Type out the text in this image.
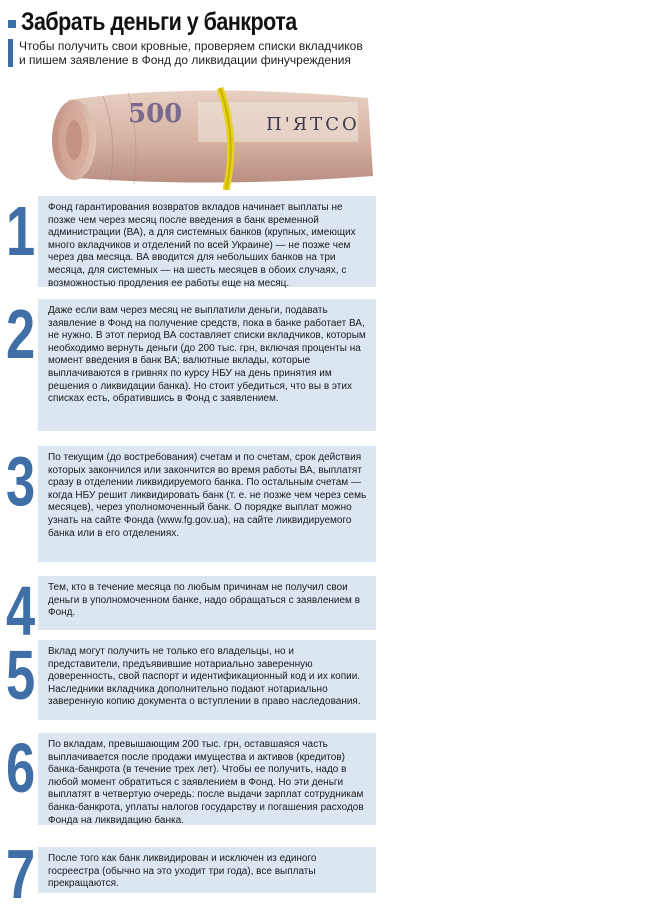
Забрать деньги у банкрота
Чтобы получить свои кровные, проверяем списки вкладчиков и пишем заявление в Фонд до ликвидации финучреждения
500	П'ЯТСО
1 Фонд гарантирования возвратов вкладов начинает выплаты не позже чем через месяц после введения в банк временной администрации (ВА), а для системных банков (крупных, имеющих много вкладчиков и отделений по всей Украине) — не позже чем через два месяца. ВА вводится для небольших банков на три месяца, для системных — на шесть месяцев в обоих случаях, с возможностью продления ее работы еще на месяц.
2 Даже если вам через месяц не выплатили деньги, подавать заявление в Фонд на получение средств, пока в банке работает ВА, не нужно. В этот период ВА составляет списки вкладчиков, которым необходимо вернуть деньги (до 200 тыс. грн, включая проценты на момент введения в банк ВА; валютные вклады, которые выплачиваются в гривнях по курсу НБУ на день принятия им решения о ликвидации банка). Но стоит убедиться, что вы в этих списках есть, обратившись в Фонд с заявлением.
3 По текущим (до востребования) счетам и по счетам, срок действия которых закончился или закончится во время работы ВА, выплатят сразу в отделении ликвидируемого банка. По остальным счетам — когда НБУ решит ликвидировать банк (т. е. не позже чем через семь месяцев), через уполномоченный банк. О порядке выплат можно узнать на сайте Фонда (www.fg.gov.ua), на сайте ликвидируемого банка или в его отделениях.
4 Тем, кто в течение месяца по любым причинам не получил свои деньги в уполномоченном банке, надо обращаться с заявлением в Фонд.
5 Вклад могут получить не только его владельцы, но и представители, предъявившие нотариально заверенную доверенность, свой паспорт и идентификационный код и их копии. Наследники вкладчика дополнительно подают нотариально заверенную копию документа о вступлении в право наследования.
6 По вкладам, превышающим 200 тыс. грн, оставшаяся часть выплачивается после продажи имущества и активов (кредитов) банка-банкрота (в течение трех лет). Чтобы ее получить, надо в любой момент обратиться с заявлением в Фонд. Но эти деньги выплатят в четвертую очередь: после выдачи зарплат сотрудникам банка-банкрота, уплаты налогов государству и погашения расходов Фонда на ликвидацию банка.
7 После того как банк ликвидирован и исключен из единого госреестра (обычно на это уходит три года), все выплаты прекращаются.
